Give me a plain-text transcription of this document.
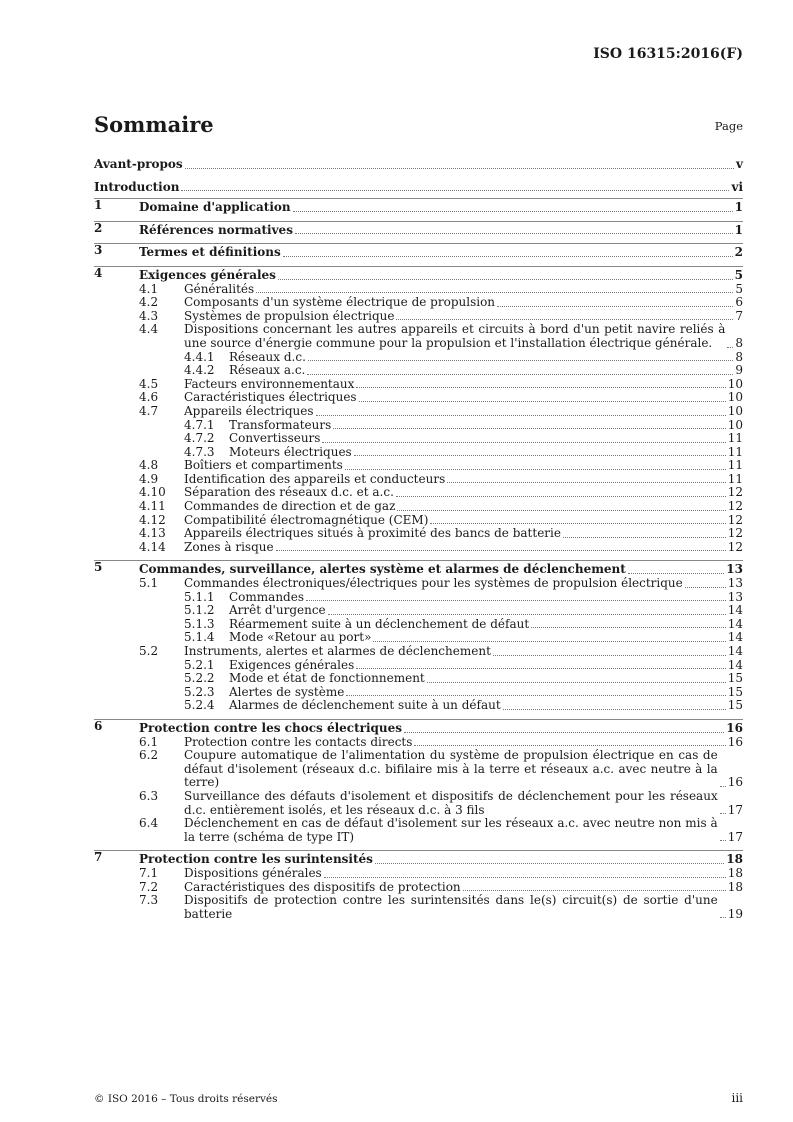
ISO 16315:2016(F)
Sommaire	Page
Avant-propos	v
Introduction	vi
1	Domaine d'application	1
2	Références normatives	1
3	Termes et définitions	2
4	Exigences générales	5
4.1 Généralités	5
4.2 Composants d'un système électrique de propulsion	6
4.3 Systèmes de propulsion électrique	7
4.4 Dispositions concernant les autres appareils et circuits à bord d'un petit navire reliés à une source d'énergie commune pour la propulsion et l'installation électrique générale.	8
4.4.1 Réseaux d.c.	8
4.4.2 Réseaux a.c.	9
4.5 Facteurs environnementaux	10
4.6 Caractéristiques électriques	10
4.7 Appareils électriques	10
4.7.1 Transformateurs	10
4.7.2 Convertisseurs	11
4.7.3 Moteurs électriques	11
4.8 Boîtiers et compartiments	11
4.9 Identification des appareils et conducteurs	11
4.10 Séparation des réseaux d.c. et a.c.	12
4.11 Commandes de direction et de gaz	12
4.12 Compatibilité électromagnétique (CEM)	12
4.13 Appareils électriques situés à proximité des bancs de batterie	12
4.14 Zones à risque	12
5	Commandes, surveillance, alertes système et alarmes de déclenchement	13
5.1 Commandes électroniques/électriques pour les systèmes de propulsion électrique	13
5.1.1 Commandes	13
5.1.2 Arrêt d'urgence	14
5.1.3 Réarmement suite à un déclenchement de défaut	14
5.1.4 Mode «Retour au port»	14
5.2 Instruments, alertes et alarmes de déclenchement	14
5.2.1 Exigences générales	14
5.2.2 Mode et état de fonctionnement	15
5.2.3 Alertes de système	15
5.2.4 Alarmes de déclenchement suite à un défaut	15
6	Protection contre les chocs électriques	16
6.1 Protection contre les contacts directs	16
6.2 Coupure automatique de l'alimentation du système de propulsion électrique en cas de défaut d'isolement (réseaux d.c. bifilaire mis à la terre et réseaux a.c. avec neutre à la terre)	16
6.3 Surveillance des défauts d'isolement et dispositifs de déclenchement pour les réseaux d.c. entièrement isolés, et les réseaux d.c. à 3 fils	17
6.4 Déclenchement en cas de défaut d'isolement sur les réseaux a.c. avec neutre non mis à la terre (schéma de type IT)	17
7	Protection contre les surintensités	18
7.1 Dispositions générales	18
7.2 Caractéristiques des dispositifs de protection	18
7.3 Dispositifs de protection contre les surintensités dans le(s) circuit(s) de sortie d'une batterie	19
© ISO 2016 – Tous droits réservés	iii
